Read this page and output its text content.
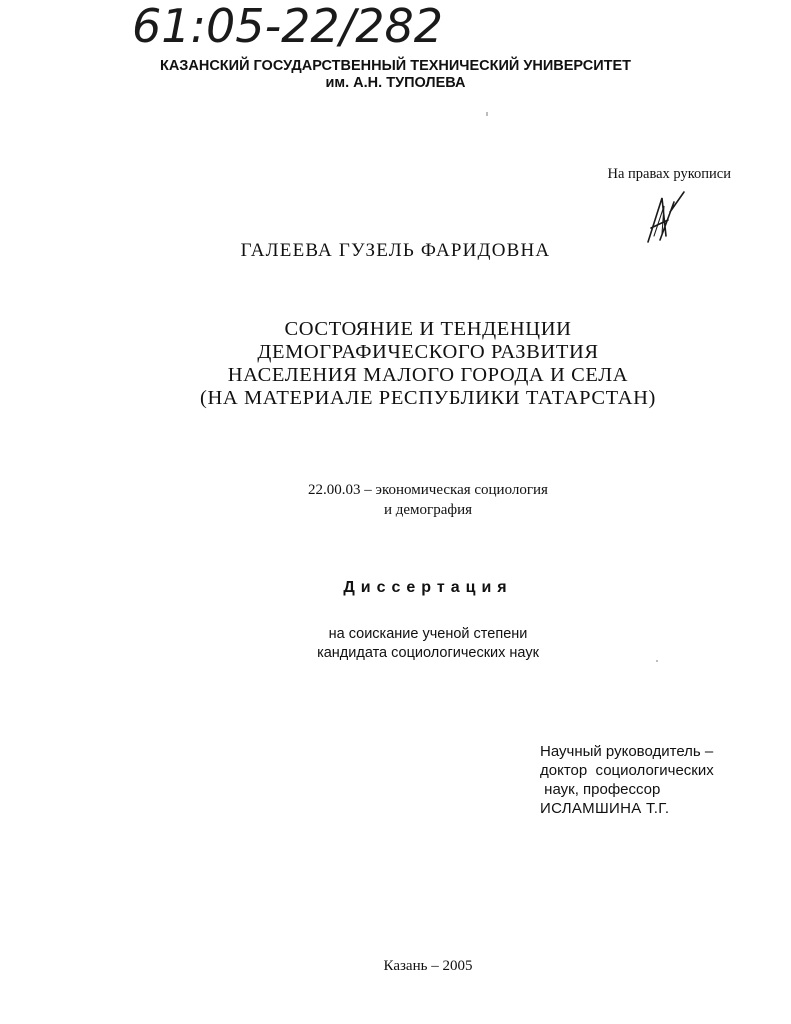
61:05-22/282
КАЗАНСКИЙ ГОСУДАРСТВЕННЫЙ ТЕХНИЧЕСКИЙ УНИВЕРСИТЕТ
им. А.Н. ТУПОЛЕВА
На правах рукописи
ГАЛЕЕВА ГУЗЕЛЬ ФАРИДОВНА
СОСТОЯНИЕ И ТЕНДЕНЦИИ
ДЕМОГРАФИЧЕСКОГО РАЗВИТИЯ
НАСЕЛЕНИЯ МАЛОГО ГОРОДА И СЕЛА
(НА МАТЕРИАЛЕ РЕСПУБЛИКИ ТАТАРСТАН)
22.00.03 – экономическая социология
и демография
Диссертация
на соискание ученой степени
кандидата социологических наук
Научный руководитель –
доктор  социологических
наук, профессор
ИСЛАМШИНА Т.Г.
Казань – 2005
